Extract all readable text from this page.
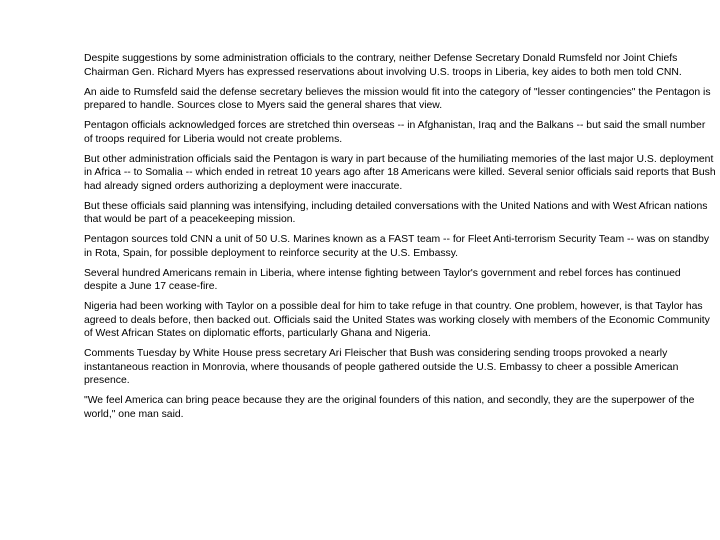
Despite suggestions by some administration officials to the contrary, neither Defense Secretary Donald Rumsfeld nor Joint Chiefs Chairman Gen. Richard Myers has expressed reservations about involving U.S. troops in Liberia, key aides to both men told CNN.

An aide to Rumsfeld said the defense secretary believes the mission would fit into the category of "lesser contingencies" the Pentagon is prepared to handle. Sources close to Myers said the general shares that view.

Pentagon officials acknowledged forces are stretched thin overseas -- in Afghanistan, Iraq and the Balkans -- but said the small number of troops required for Liberia would not create problems.

But other administration officials said the Pentagon is wary in part because of the humiliating memories of the last major U.S. deployment in Africa -- to Somalia -- which ended in retreat 10 years ago after 18 Americans were killed. Several senior officials said reports that Bush had already signed orders authorizing a deployment were inaccurate.

But these officials said planning was intensifying, including detailed conversations with the United Nations and with West African nations that would be part of a peacekeeping mission.

Pentagon sources told CNN a unit of 50 U.S. Marines known as a FAST team -- for Fleet Anti-terrorism Security Team -- was on standby in Rota, Spain, for possible deployment to reinforce security at the U.S. Embassy.

Several hundred Americans remain in Liberia, where intense fighting between Taylor's government and rebel forces has continued despite a June 17 cease-fire.

Nigeria had been working with Taylor on a possible deal for him to take refuge in that country. One problem, however, is that Taylor has agreed to deals before, then backed out. Officials said the United States was working closely with members of the Economic Community of West African States on diplomatic efforts, particularly Ghana and Nigeria.

Comments Tuesday by White House press secretary Ari Fleischer that Bush was considering sending troops provoked a nearly instantaneous reaction in Monrovia, where thousands of people gathered outside the U.S. Embassy to cheer a possible American presence.

"We feel America can bring peace because they are the original founders of this nation, and secondly, they are the superpower of the world," one man said.
